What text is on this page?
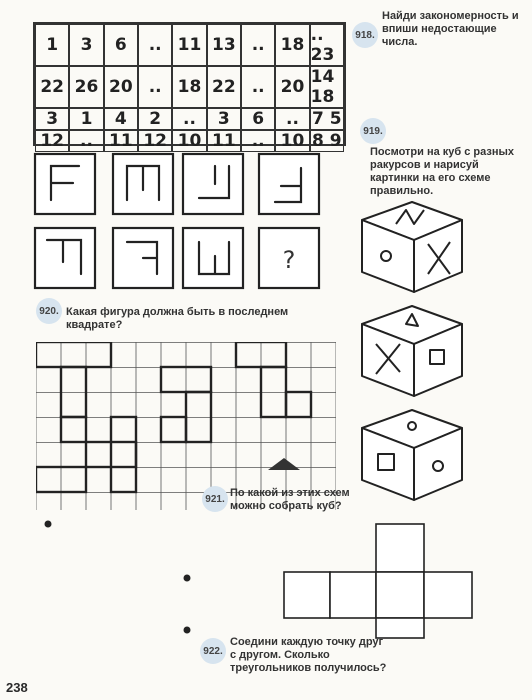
1	3	6	.. 11 13 .. 18 .. 23
22 26 20 .. 18 22 .. 20 14 18
3	1	4	2	..	3	6	.. 7 5
12 .. 11 12 10 11 .. 10 8 9
918.
Найди закономерность и впиши недостающие числа.
919.
Посмотри на куб с разных ракурсов и нарисуй картинки на его схеме правильно.
?
920. Какая фигура должна быть в последнем квадрате?
921. По какой из этих схем можно собрать куб?
922.
Соедини каждую точку друг с другом. Сколько треугольников получилось?
238
